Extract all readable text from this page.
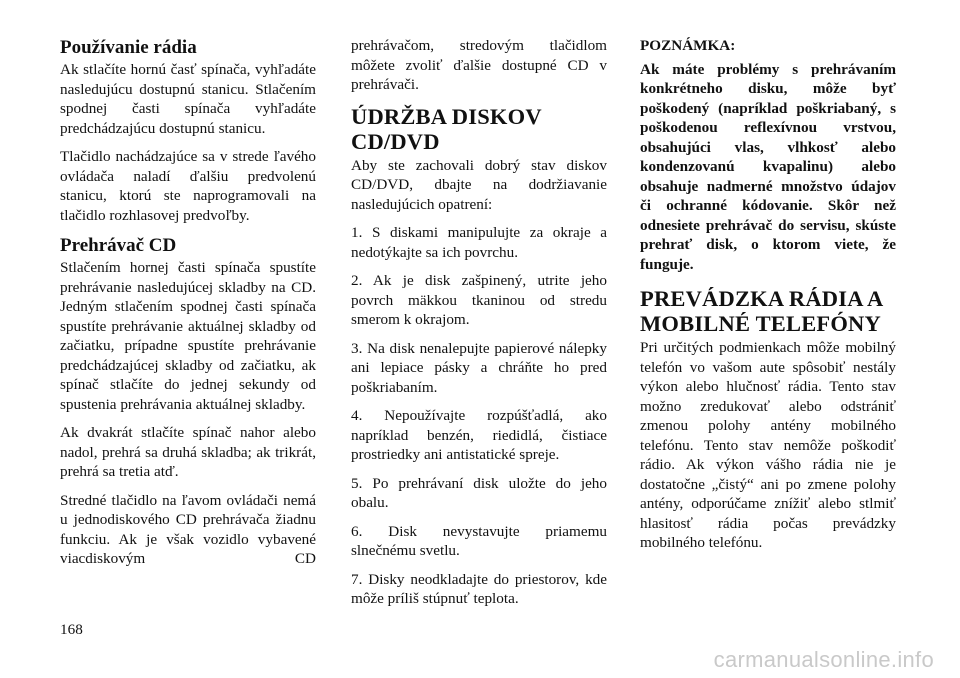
Používanie rádia

Ak stlačíte hornú časť spínača, vyhľadáte nasledujúcu dostupnú stanicu. Stlačením spodnej časti spínača vyhľadáte predchádzajúcu dostupnú stanicu.

Tlačidlo nachádzajúce sa v strede ľavého ovládača naladí ďalšiu predvolenú stanicu, ktorú ste naprogramovali na tlačidlo rozhlasovej predvoľby.

Prehrávač CD

Stlačením hornej časti spínača spustíte prehrávanie nasledujúcej skladby na CD. Jedným stlačením spodnej časti spínača spustíte prehrávanie aktuálnej skladby od začiatku, prípadne spustíte prehrávanie predchádzajúcej skladby od začiatku, ak spínač stlačíte do jednej sekundy od spustenia prehrávania aktuálnej skladby.

Ak dvakrát stlačíte spínač nahor alebo nadol, prehrá sa druhá skladba; ak trikrát, prehrá sa tretia atď.

Stredné tlačidlo na ľavom ovládači nemá u jednodiskového CD prehrávača žiadnu funkciu. Ak je však vozidlo vybavené viacdiskovým CD

prehrávačom, stredovým tlačidlom môžete zvoliť ďalšie dostupné CD v prehrávači.

ÚDRŽBA DISKOV
CD/DVD

Aby ste zachovali dobrý stav diskov CD/DVD, dbajte na dodržiavanie nasledujúcich opatrení:

1. S diskami manipulujte za okraje a nedotýkajte sa ich povrchu.

2. Ak je disk zašpinený, utrite jeho povrch mäkkou tkaninou od stredu smerom k okrajom.

3. Na disk nenalepujte papierové nálepky ani lepiace pásky a chráňte ho pred poškriabaním.

4. Nepoužívajte rozpúšťadlá, ako napríklad benzén, riedidlá, čistiace prostriedky ani antistatické spreje.

5. Po prehrávaní disk uložte do jeho obalu.

6. Disk nevystavujte priamemu slnečnému svetlu.

7. Disky neodkladajte do priestorov, kde môže príliš stúpnuť teplota.

POZNÁMKA:
Ak máte problémy s prehrávaním konkrétneho disku, môže byť poškodený (napríklad poškriabaný, s poškodenou reflexívnou vrstvou, obsahujúci vlas, vlhkosť alebo kondenzovanú kvapalinu) alebo obsahuje nadmerné množstvo údajov či ochranné kódovanie. Skôr než odnesiete prehrávač do servisu, skúste prehrať disk, o ktorom viete, že funguje.
PREVÁDZKA RÁDIA A
MOBILNÉ TELEFÓNY

Pri určitých podmienkach môže mobilný telefón vo vašom aute spôsobiť nestály výkon alebo hlučnosť rádia. Tento stav možno zredukovať alebo odstrániť zmenou polohy antény mobilného telefónu. Tento stav nemôže poškodiť rádio. Ak výkon vášho rádia nie je dostatočne „čistý“ ani po zmene polohy antény, odporúčame znížiť alebo stlmiť hlasitosť rádia počas prevádzky mobilného telefónu.

168
carmanualsonline.info
